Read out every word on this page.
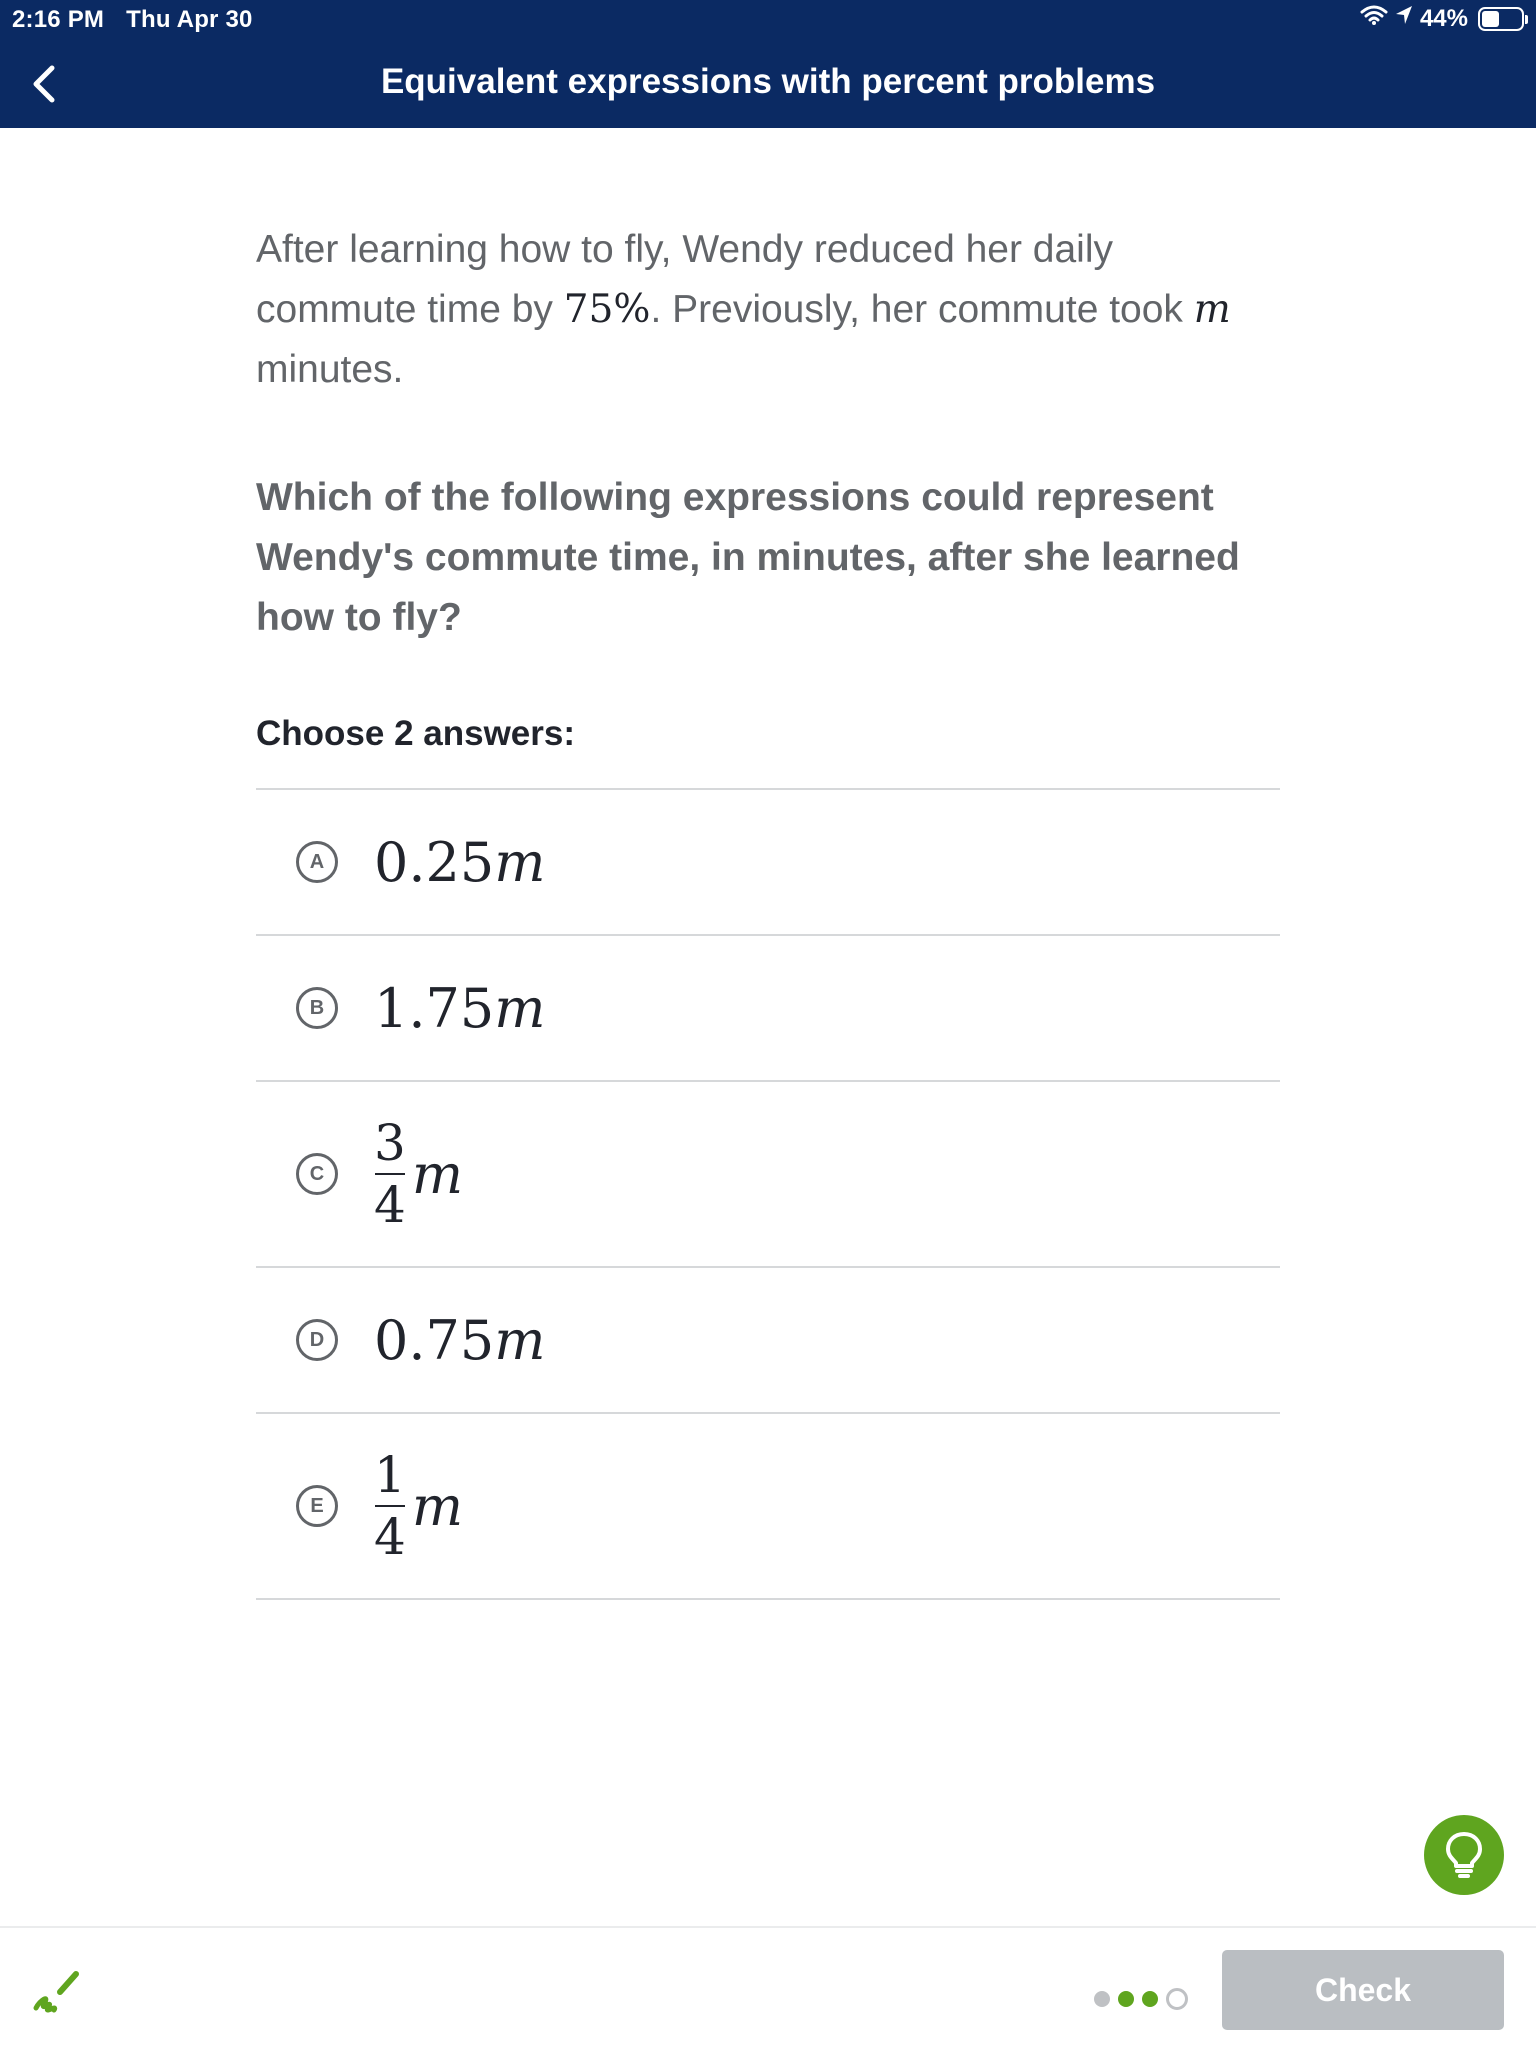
2:16 PM Thu Apr 30	44%
Equivalent expressions with percent problems

After learning how to fly, Wendy reduced her daily commute time by 75%. Previously, her commute took m minutes.

Which of the following expressions could represent Wendy's commute time, in minutes, after she learned how to fly?
Choose 2 answers:
A 0.25 m
B 1.75 m
C $\frac{3}{4}$ m
D 0.75 m
E $\frac{1}{4}$ m
Check
